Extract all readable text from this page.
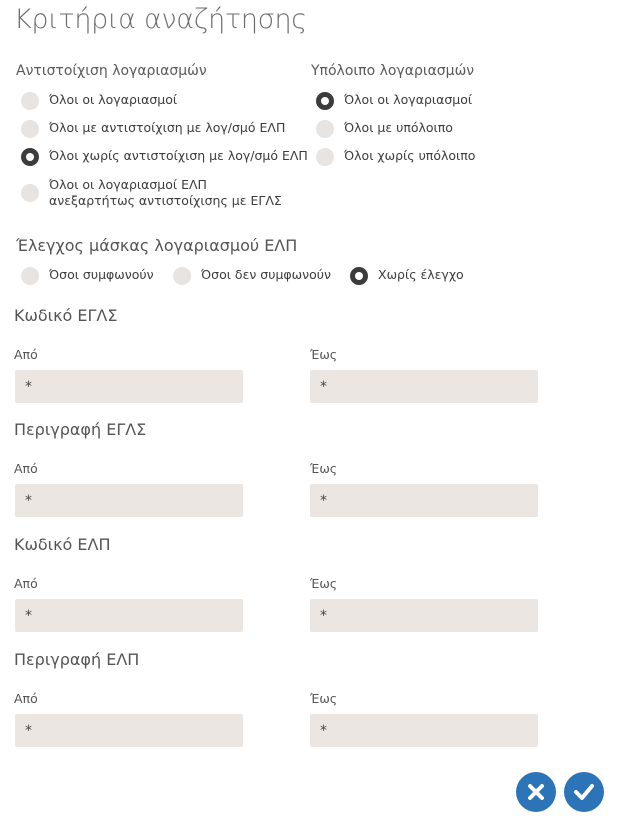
Κριτήρια αναζήτησης
Αντιστοίχιση λογαριασμών
Όλοι οι λογαριασμοί
Όλοι με αντιστοίχιση με λογ/σμό ΕΛΠ
Όλοι χωρίς αντιστοίχιση με λογ/σμό ΕΛΠ
Όλοι οι λογαριασμοί ΕΛΠ ανεξαρτήτως αντιστοίχισης με ΕΓΛΣ
Υπόλοιπο λογαριασμών
Όλοι οι λογαριασμοί
Όλοι με υπόλοιπο
Όλοι χωρίς υπόλοιπο
Έλεγχος μάσκας λογαριασμού ΕΛΠ
Όσοι συμφωνούν	Όσοι δεν συμφωνούν	Χωρίς έλεγχο
Κωδικό ΕΓΛΣ
Από	Έως
*
*
Περιγραφή ΕΓΛΣ
Από	Έως
*
*
Κωδικό ΕΛΠ
Από	Έως
*
*
Περιγραφή ΕΛΠ
Από	Έως
*
*
